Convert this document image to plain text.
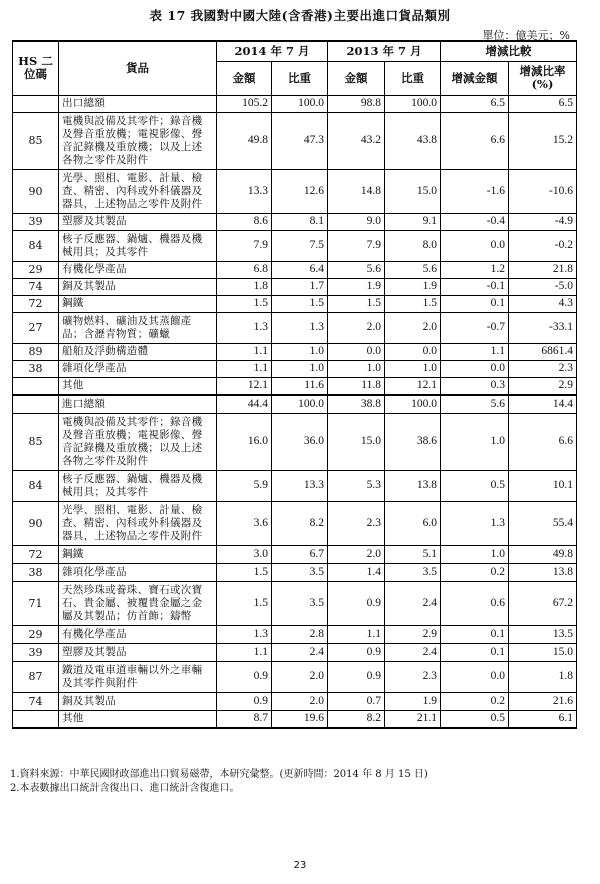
表 17 我國對中國大陸(含香港)主要出進口貨品類別
單位：億美元；%
HS 二位碼	貨品	2014 年 7 月		2013 年 7 月		增減比較	
		金額	比重	金額	比重	增減金額	增減比率 (%)
	出口總額	105.2	100.0	98.8	100.0	6.5	6.5
85	電機與設備及其零件；錄音機及聲音重放機；電視影像、聲音記錄機及重放機；以及上述各物之零件及附件	49.8	47.3	43.2	43.8	6.6	15.2
90	光學、照相、電影、計量、檢查、精密、內科或外科儀器及器具，上述物品之零件及附件	13.3	12.6	14.8	15.0	-1.6	-10.6
39	塑膠及其製品	8.6	8.1	9.0	9.1	-0.4	-4.9
84	核子反應器、鍋爐、機器及機械用具；及其零件	7.9	7.5	7.9	8.0	0.0	-0.2
29	有機化學產品	6.8	6.4	5.6	5.6	1.2	21.8
74	銅及其製品	1.8	1.7	1.9	1.9	-0.1	-5.0
72	鋼鐵	1.5	1.5	1.5	1.5	0.1	4.3
27	礦物燃料、礦油及其蒸餾產品；含瀝青物質；礦蠟	1.3	1.3	2.0	2.0	-0.7	-33.1
89	船舶及浮動構造體	1.1	1.0	0.0	0.0	1.1	6861.4
38	雜項化學產品	1.1	1.0	1.0	1.0	0.0	2.3
	其他	12.1	11.6	11.8	12.1	0.3	2.9
	進口總額	44.4	100.0	38.8	100.0	5.6	14.4
85	電機與設備及其零件；錄音機及聲音重放機；電視影像、聲音記錄機及重放機；以及上述各物之零件及附件	16.0	36.0	15.0	38.6	1.0	6.6
84	核子反應器、鍋爐、機器及機械用具；及其零件	5.9	13.3	5.3	13.8	0.5	10.1
90	光學、照相、電影、計量、檢查、精密、內科或外科儀器及器具，上述物品之零件及附件	3.6	8.2	2.3	6.0	1.3	55.4
72	鋼鐵	3.0	6.7	2.0	5.1	1.0	49.8
38	雜項化學產品	1.5	3.5	1.4	3.5	0.2	13.8
71	天然珍珠或養珠、寶石或次寶石、貴金屬、被覆貴金屬之金屬及其製品；仿首飾；鑄幣	1.5	3.5	0.9	2.4	0.6	67.2
29	有機化學產品	1.3	2.8	1.1	2.9	0.1	13.5
39	塑膠及其製品	1.1	2.4	0.9	2.4	0.1	15.0
87	鐵道及電車道車輛以外之車輛及其零件與附件	0.9	2.0	0.9	2.3	0.0	1.8
74	銅及其製品	0.9	2.0	0.7	1.9	0.2	21.6
	其他	8.7	19.6	8.2	21.1	0.5	6.1
1.資料來源：中華民國財政部進出口貿易磁帶，本研究彙整。(更新時間：2014 年 8 月 15 日)
2.本表數據出口統計含復出口、進口統計含復進口。
23
